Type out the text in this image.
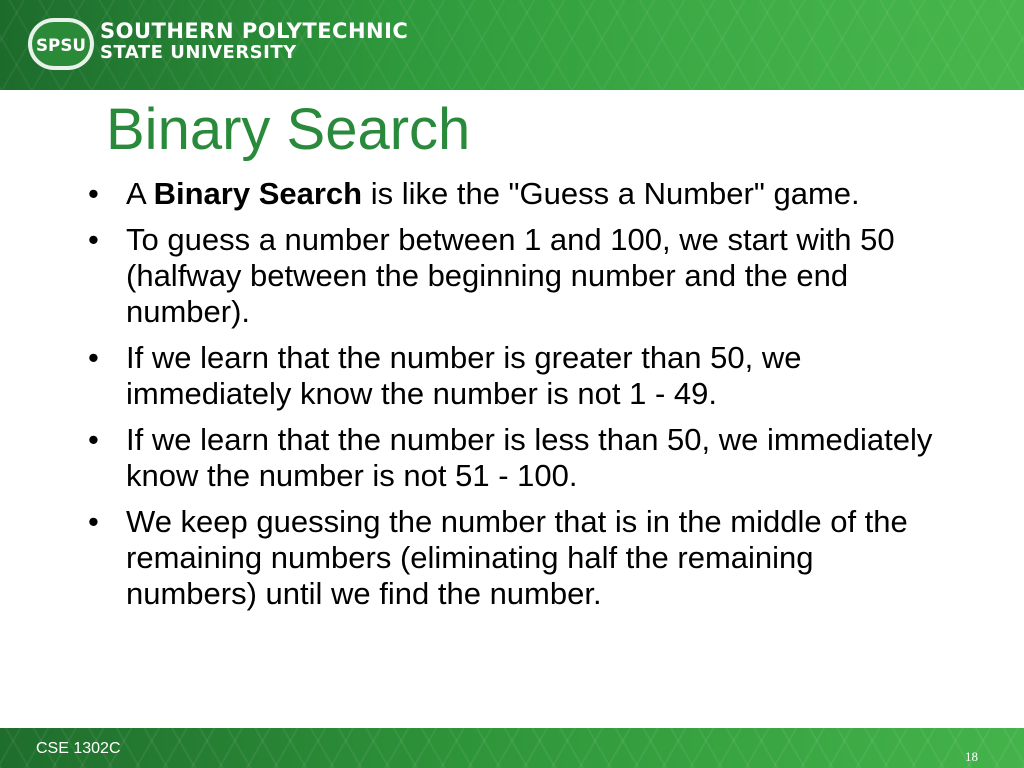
SPSU
SOUTHERN POLYTECHNIC
STATE UNIVERSITY
Binary Search
• A Binary Search is like the "Guess a Number" game.
• To guess a number between 1 and 100, we start with 50 (halfway between the beginning number and the end number).
• If we learn that the number is greater than 50, we immediately know the number is not 1 - 49.
• If we learn that the number is less than 50, we immediately know the number is not 51 - 100.
• We keep guessing the number that is in the middle of the remaining numbers (eliminating half the remaining numbers) until we find the number.
CSE 1302C	18
